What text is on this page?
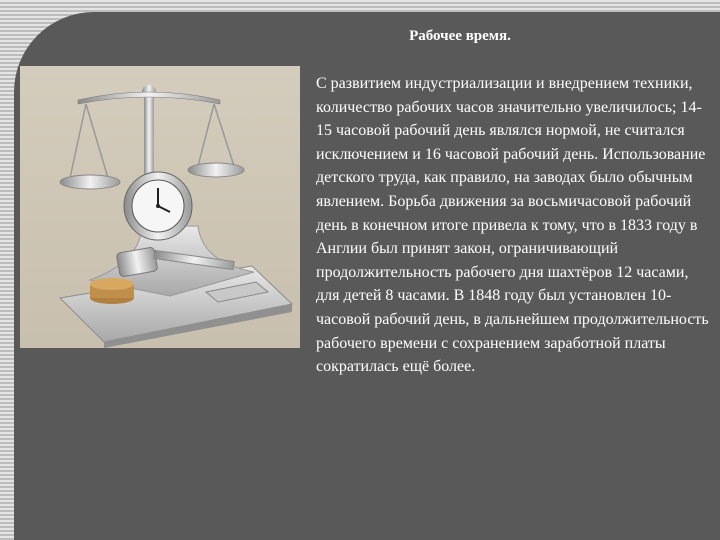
Рабочее время.

С развитием индустриализации и внедрением техники, количество рабочих часов значительно увеличилось; 14-15 часовой рабочий день являлся нормой, не считался исключением и 16 часовой рабочий день. Использование детского труда, как правило, на заводах было обычным явлением. Борьба движения за восьмичасовой рабочий день в конечном итоге привела к тому, что в 1833 году в Англии был принят закон, ограничивающий продолжительность рабочего дня шахтёров 12 часами, для детей 8 часами. В 1848 году был установлен 10-часовой рабочий день, в дальнейшем продолжительность рабочего времени с сохранением заработной платы сократилась ещё более.
